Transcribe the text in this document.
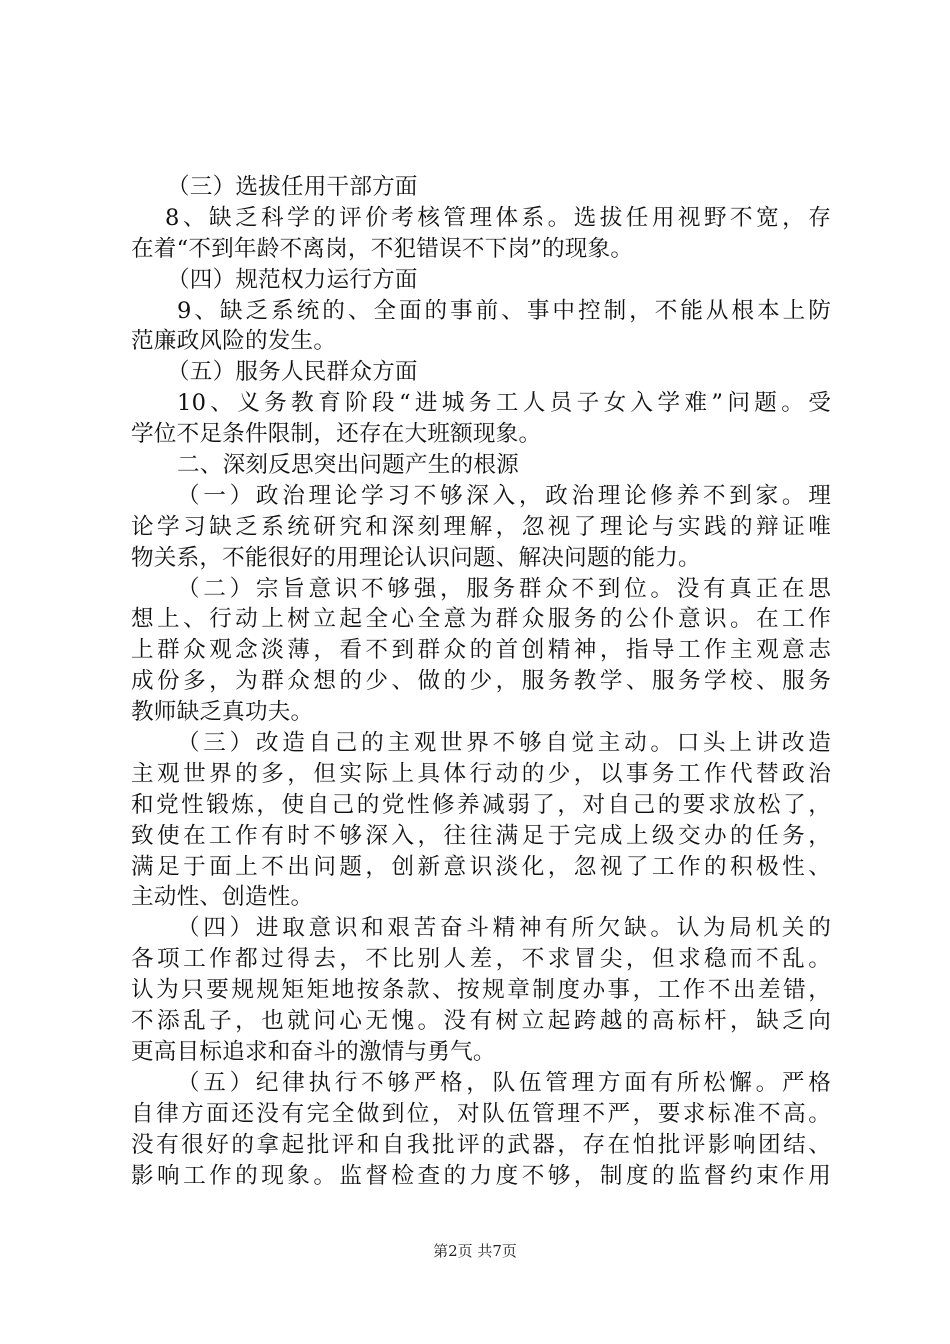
（三）选拔任用干部方面
8、缺乏科学的评价考核管理体系。选拔任用视野不宽，存
在着“不到年龄不离岗，不犯错误不下岗”的现象。
（四）规范权力运行方面
9、缺乏系统的、全面的事前、事中控制，不能从根本上防
范廉政风险的发生。
（五）服务人民群众方面
10、义务教育阶段“进城务工人员子女入学难”问题。受
学位不足条件限制，还存在大班额现象。
二、深刻反思突出问题产生的根源
（一）政治理论学习不够深入，政治理论修养不到家。理
论学习缺乏系统研究和深刻理解，忽视了理论与实践的辩证唯
物关系，不能很好的用理论认识问题、解决问题的能力。
（二）宗旨意识不够强，服务群众不到位。没有真正在思
想上、行动上树立起全心全意为群众服务的公仆意识。在工作
上群众观念淡薄，看不到群众的首创精神，指导工作主观意志
成份多，为群众想的少、做的少，服务教学、服务学校、服务
教师缺乏真功夫。
（三）改造自己的主观世界不够自觉主动。口头上讲改造
主观世界的多，但实际上具体行动的少，以事务工作代替政治
和党性锻炼，使自己的党性修养减弱了，对自己的要求放松了，
致使在工作有时不够深入，往往满足于完成上级交办的任务，
满足于面上不出问题，创新意识淡化，忽视了工作的积极性、
主动性、创造性。
（四）进取意识和艰苦奋斗精神有所欠缺。认为局机关的
各项工作都过得去，不比别人差，不求冒尖，但求稳而不乱。
认为只要规规矩矩地按条款、按规章制度办事，工作不出差错，
不添乱子，也就问心无愧。没有树立起跨越的高标杆，缺乏向
更高目标追求和奋斗的激情与勇气。
（五）纪律执行不够严格，队伍管理方面有所松懈。严格
自律方面还没有完全做到位，对队伍管理不严，要求标准不高。
没有很好的拿起批评和自我批评的武器，存在怕批评影响团结、
影响工作的现象。监督检查的力度不够，制度的监督约束作用
第2页 共7页
